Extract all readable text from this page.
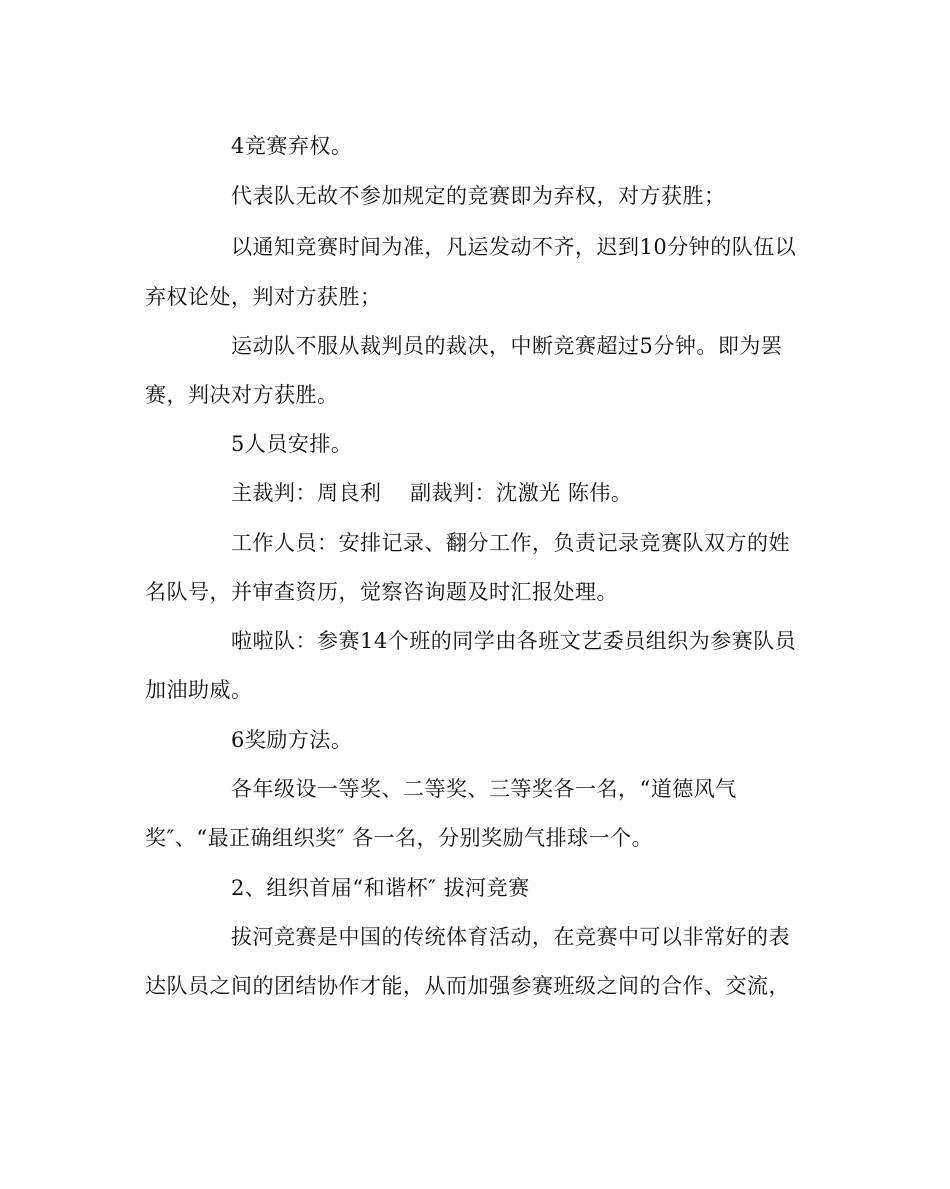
4竞赛弃权。
代表队无故不参加规定的竞赛即为弃权，对方获胜；
以通知竞赛时间为准，凡运发动不齐，迟到10分钟的队伍以
弃权论处，判对方获胜；
运动队不服从裁判员的裁决，中断竞赛超过5分钟。即为罢
赛，判决对方获胜。
5人员安排。
主裁判：周良利　 副裁判：沈激光 陈伟。
工作人员：安排记录、翻分工作，负责记录竞赛队双方的姓
名队号，并审查资历，觉察咨询题及时汇报处理。
啦啦队：参赛14个班的同学由各班文艺委员组织为参赛队员
加油助威。
6奖励方法。
各年级设一等奖、二等奖、三等奖各一名，“道德风气
奖″、“最正确组织奖″ 各一名，分别奖励气排球一个。
2、组织首届“和谐杯″ 拔河竞赛
拔河竞赛是中国的传统体育活动，在竞赛中可以非常好的表
达队员之间的团结协作才能，从而加强参赛班级之间的合作、交流，
